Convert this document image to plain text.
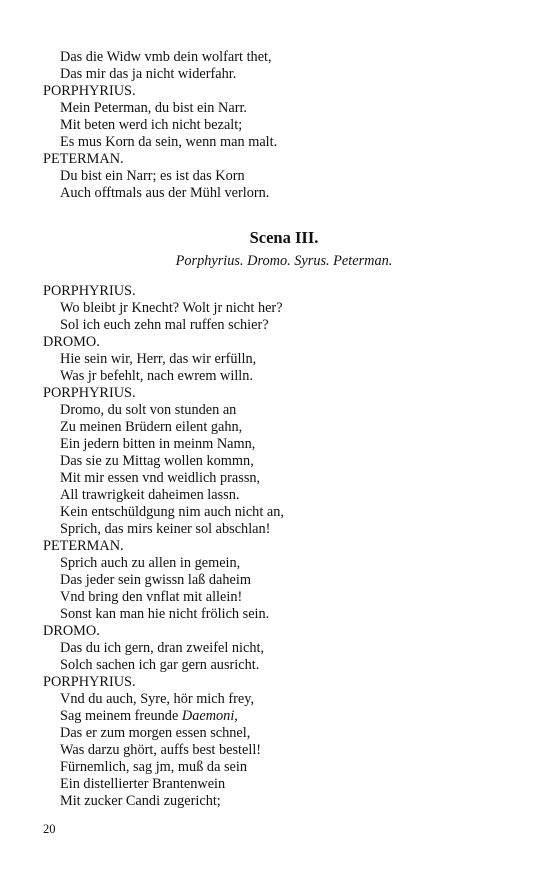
Das die Widw vmb dein wolfart thet,
Das mir das ja nicht widerfahr.
PORPHYRIUS.
Mein Peterman, du bist ein Narr.
Mit beten werd ich nicht bezalt;
Es mus Korn da sein, wenn man malt.
PETERMAN.
Du bist ein Narr; es ist das Korn
Auch offtmals aus der Mühl verlorn.
Scena III.
Porphyrius. Dromo. Syrus. Peterman.
PORPHYRIUS.
Wo bleibt jr Knecht? Wolt jr nicht her?
Sol ich euch zehn mal ruffen schier?
DROMO.
Hie sein wir, Herr, das wir erfülln,
Was jr befehlt, nach ewrem willn.
PORPHYRIUS.
Dromo, du solt von stunden an
Zu meinen Brüdern eilent gahn,
Ein jedern bitten in meinm Namn,
Das sie zu Mittag wollen kommn,
Mit mir essen vnd weidlich prassn,
All trawrigkeit daheimen lassn.
Kein entschüldgung nim auch nicht an,
Sprich, das mirs keiner sol abschlan!
PETERMAN.
Sprich auch zu allen in gemein,
Das jeder sein gwissn laß daheim
Vnd bring den vnflat mit allein!
Sonst kan man hie nicht frölich sein.
DROMO.
Das du ich gern, dran zweifel nicht,
Solch sachen ich gar gern ausricht.
PORPHYRIUS.
Vnd du auch, Syre, hör mich frey,
Sag meinem freunde Daemoni,
Das er zum morgen essen schnel,
Was darzu ghört, auffs best bestell!
Fürnemlich, sag jm, muß da sein
Ein distellierter Brantenwein
Mit zucker Candi zugericht;
20
